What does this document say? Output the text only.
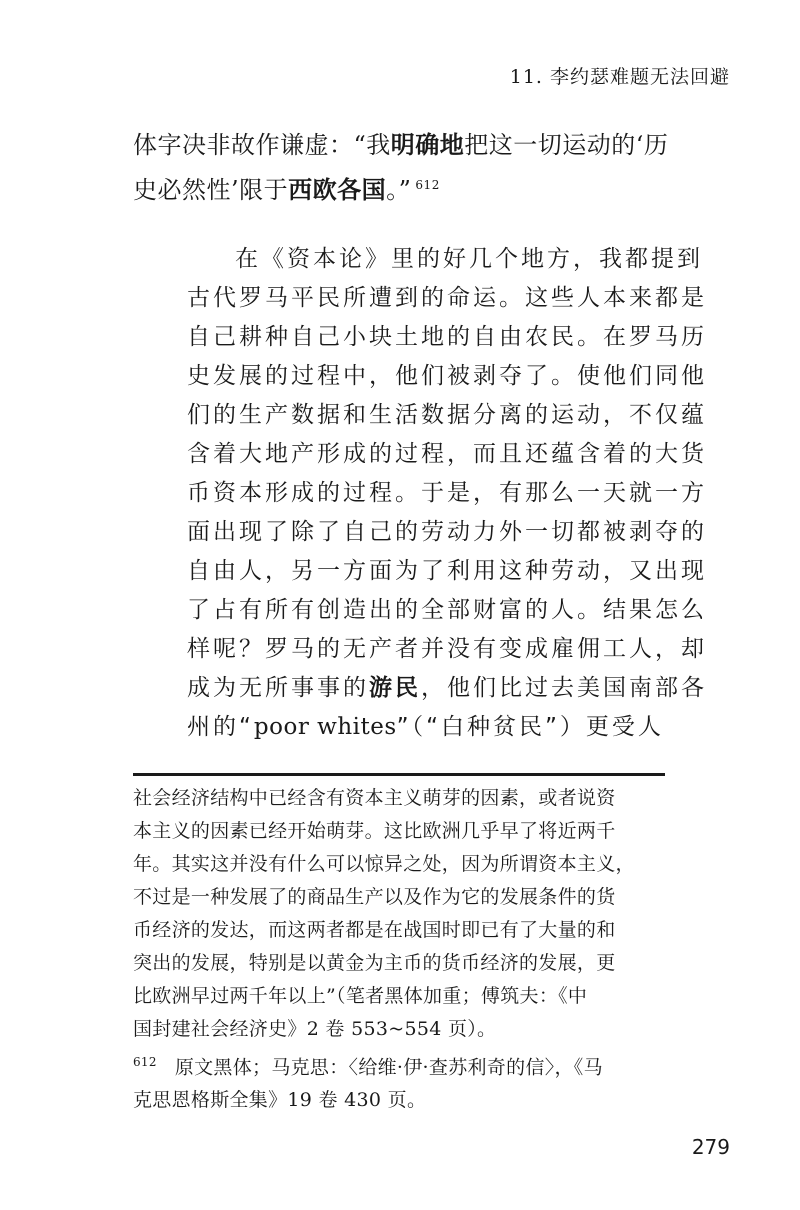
11. 李约瑟难题无法回避
体字决非故作谦虚：“我明确地把这一切运动的‘历
史必然性’限于西欧各国。” $^{612}$
在《资本论》里的好几个地方，我都提到
古代罗马平民所遭到的命运。这些人本来都是
自己耕种自己小块土地的自由农民。在罗马历
史发展的过程中，他们被剥夺了。使他们同他
们的生产数据和生活数据分离的运动，不仅蕴
含着大地产形成的过程，而且还蕴含着的大货
币资本形成的过程。于是，有那么一天就一方
面出现了除了自己的劳动力外一切都被剥夺的
自由人，另一方面为了利用这种劳动，又出现
了占有所有创造出的全部财富的人。结果怎么
样呢？罗马的无产者并没有变成雇佣工人，却
成为无所事事的游民，他们比过去美国南部各
州的“poor whites”（“白种贫民”）更受人
社会经济结构中已经含有资本主义萌芽的因素，或者说资
本主义的因素已经开始萌芽。这比欧洲几乎早了将近两千
年。其实这并没有什么可以惊异之处，因为所谓资本主义，
不过是一种发展了的商品生产以及作为它的发展条件的货
币经济的发达，而这两者都是在战国时即已有了大量的和
突出的发展，特别是以黄金为主币的货币经济的发展，更
比欧洲早过两千年以上”（笔者黑体加重；傅筑夫：《中
国封建社会经济史》2 卷 553~554 页）。
$^{612}$ 原文黑体；马克思：〈给维·伊·查苏利奇的信〉，《马
克思恩格斯全集》19 卷 430 页。
279
